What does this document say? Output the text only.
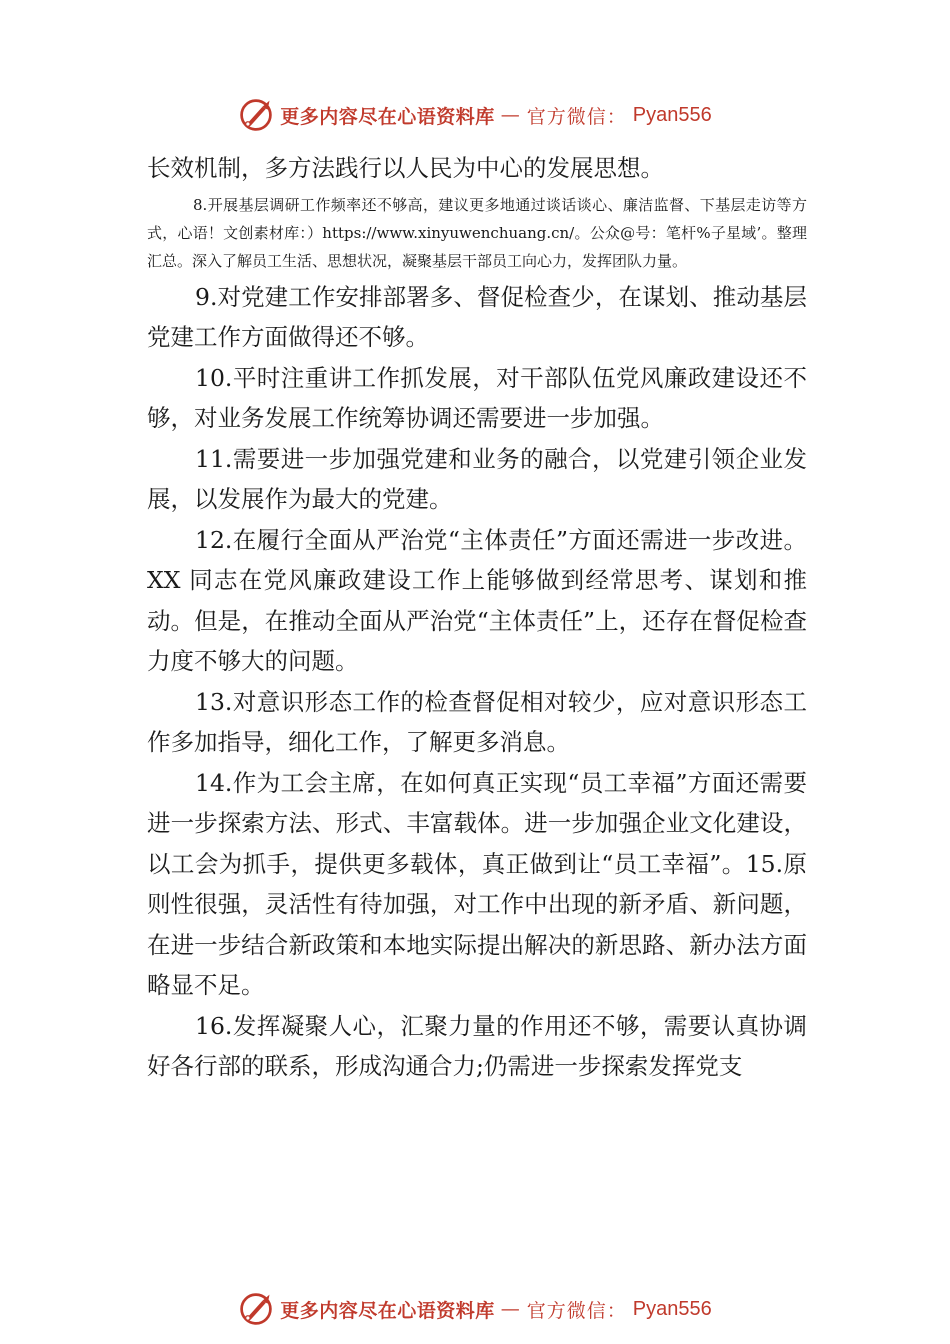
更多内容尽在心语资料库 — 官方微信： Pyan556

长效机制，多方法践行以人民为中心的发展思想。

8.开展基层调研工作频率还不够高，建议更多地通过谈话谈心、廉洁监督、下基层走访等方式，心语！文创素材库：）https://www.xinyuwenchuang.cn/。公众@号：笔杆%子星域’。整理汇总。深入了解员工生活、思想状况，凝聚基层干部员工向心力，发挥团队力量。

9.对党建工作安排部署多、督促检查少，在谋划、推动基层党建工作方面做得还不够。

10.平时注重讲工作抓发展，对干部队伍党风廉政建设还不够，对业务发展工作统筹协调还需要进一步加强。

11.需要进一步加强党建和业务的融合，以党建引领企业发展，以发展作为最大的党建。

12.在履行全面从严治党“主体责任”方面还需进一步改进。XX 同志在党风廉政建设工作上能够做到经常思考、谋划和推动。但是，在推动全面从严治党“主体责任”上，还存在督促检查力度不够大的问题。

13.对意识形态工作的检查督促相对较少，应对意识形态工作多加指导，细化工作，了解更多消息。

14.作为工会主席，在如何真正实现“员工幸福”方面还需要进一步探索方法、形式、丰富载体。进一步加强企业文化建设，以工会为抓手，提供更多载体，真正做到让“员工幸福”。15.原则性很强，灵活性有待加强，对工作中出现的新矛盾、新问题，在进一步结合新政策和本地实际提出解决的新思路、新办法方面略显不足。

16.发挥凝聚人心，汇聚力量的作用还不够，需要认真协调好各行部的联系，形成沟通合力;仍需进一步探索发挥党支

更多内容尽在心语资料库 — 官方微信： Pyan556
